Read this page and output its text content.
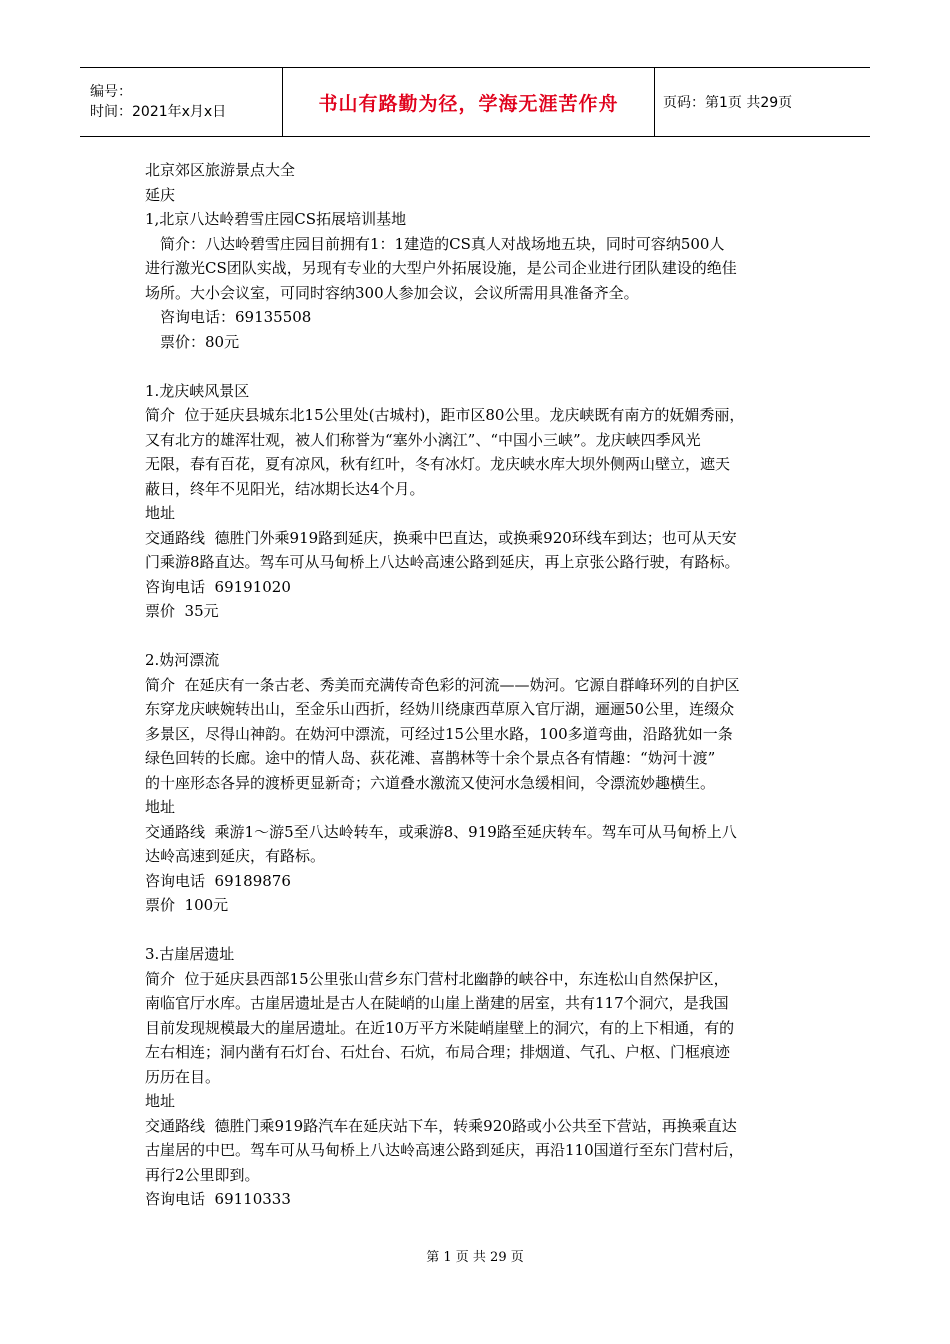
编号：
时间：2021年x月x日	书山有路勤为径，学海无涯苦作舟	页码：第1页 共29页

北京郊区旅游景点大全

延庆

1,北京八达岭碧雪庄园CS拓展培训基地

简介：八达岭碧雪庄园目前拥有1：1建造的CS真人对战场地五块，同时可容纳500人

进行激光CS团队实战，另现有专业的大型户外拓展设施，是公司企业进行团队建设的绝佳

场所。大小会议室，可同时容纳300人参加会议，会议所需用具准备齐全。

咨询电话：69135508

票价：80元

1.龙庆峡风景区

简介  位于延庆县城东北15公里处(古城村)，距市区80公里。龙庆峡既有南方的妩媚秀丽，

又有北方的雄浑壮观，被人们称誉为“塞外小漓江”、“中国小三峡”。龙庆峡四季风光

无限，春有百花，夏有凉风，秋有红叶，冬有冰灯。龙庆峡水库大坝外侧两山壁立，遮天

蔽日，终年不见阳光，结冰期长达4个月。

地址

交通路线  德胜门外乘919路到延庆，换乘中巴直达，或换乘920环线车到达；也可从天安

门乘游8路直达。驾车可从马甸桥上八达岭高速公路到延庆，再上京张公路行驶，有路标。

咨询电话  69191020

票价  35元

2.妫河漂流

简介  在延庆有一条古老、秀美而充满传奇色彩的河流——妫河。它源自群峰环列的自护区

东穿龙庆峡婉转出山，至金乐山西折，经妫川绕康西草原入官厅湖，逦逦50公里，连缀众

多景区，尽得山神韵。在妫河中漂流，可经过15公里水路，100多道弯曲，沿路犹如一条

绿色回转的长廊。途中的情人岛、荻花滩、喜鹊林等十余个景点各有情趣：“妫河十渡”

的十座形态各异的渡桥更显新奇；六道叠水激流又使河水急缓相间，令漂流妙趣横生。

地址

交通路线  乘游1～游5至八达岭转车，或乘游8、919路至延庆转车。驾车可从马甸桥上八

达岭高速到延庆，有路标。

咨询电话  69189876

票价  100元

3.古崖居遗址

简介  位于延庆县西部15公里张山营乡东门营村北幽静的峡谷中，东连松山自然保护区，

南临官厅水库。古崖居遗址是古人在陡峭的山崖上凿建的居室，共有117个洞穴，是我国

目前发现规模最大的崖居遗址。在近10万平方米陡峭崖壁上的洞穴，有的上下相通，有的

左右相连；洞内凿有石灯台、石灶台、石炕，布局合理；排烟道、气孔、户枢、门框痕迹

历历在目。

地址

交通路线  德胜门乘919路汽车在延庆站下车，转乘920路或小公共至下营站，再换乘直达

古崖居的中巴。驾车可从马甸桥上八达岭高速公路到延庆，再沿110国道行至东门营村后，

再行2公里即到。

咨询电话  69110333

第 1 页 共 29 页
